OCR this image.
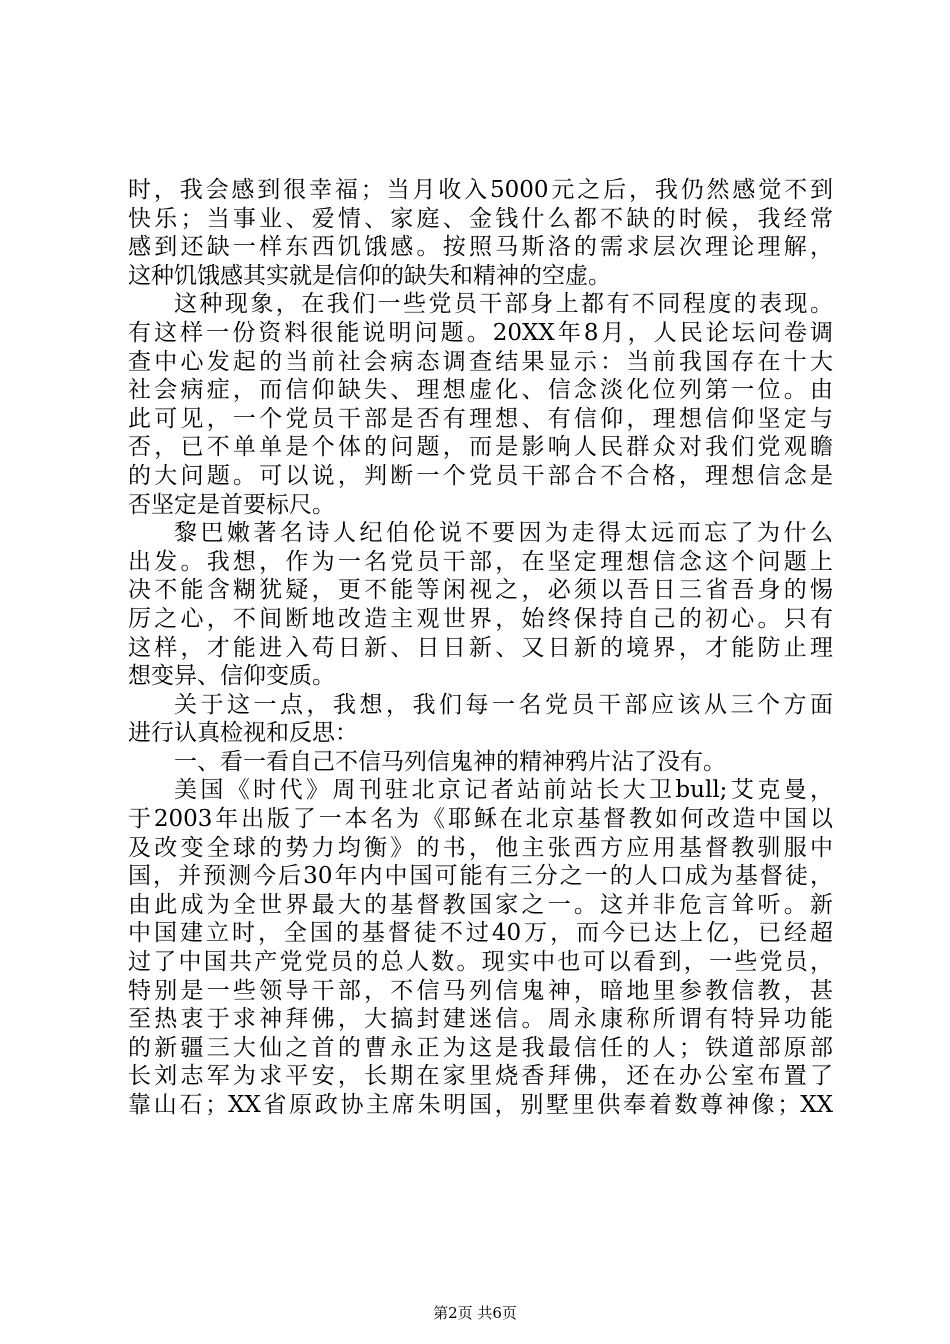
时，我会感到很幸福；当月收入5000元之后，我仍然感觉不到
快乐；当事业、爱情、家庭、金钱什么都不缺的时候，我经常
感到还缺一样东西饥饿感。按照马斯洛的需求层次理论理解，
这种饥饿感其实就是信仰的缺失和精神的空虚。
这种现象，在我们一些党员干部身上都有不同程度的表现。
有这样一份资料很能说明问题。20XX年8月，人民论坛问卷调
查中心发起的当前社会病态调查结果显示：当前我国存在十大
社会病症，而信仰缺失、理想虚化、信念淡化位列第一位。由
此可见，一个党员干部是否有理想、有信仰，理想信仰坚定与
否，已不单单是个体的问题，而是影响人民群众对我们党观瞻
的大问题。可以说，判断一个党员干部合不合格，理想信念是
否坚定是首要标尺。
黎巴嫩著名诗人纪伯伦说不要因为走得太远而忘了为什么
出发。我想，作为一名党员干部，在坚定理想信念这个问题上
决不能含糊犹疑，更不能等闲视之，必须以吾日三省吾身的惕
厉之心，不间断地改造主观世界，始终保持自己的初心。只有
这样，才能进入苟日新、日日新、又日新的境界，才能防止理
想变异、信仰变质。
关于这一点，我想，我们每一名党员干部应该从三个方面
进行认真检视和反思：
一、看一看自己不信马列信鬼神的精神鸦片沾了没有。
美国《时代》周刊驻北京记者站前站长大卫bull;艾克曼，
于2003年出版了一本名为《耶稣在北京基督教如何改造中国以
及改变全球的势力均衡》的书，他主张西方应用基督教驯服中
国，并预测今后30年内中国可能有三分之一的人口成为基督徒，
由此成为全世界最大的基督教国家之一。这并非危言耸听。新
中国建立时，全国的基督徒不过40万，而今已达上亿，已经超
过了中国共产党党员的总人数。现实中也可以看到，一些党员，
特别是一些领导干部，不信马列信鬼神，暗地里参教信教，甚
至热衷于求神拜佛，大搞封建迷信。周永康称所谓有特异功能
的新疆三大仙之首的曹永正为这是我最信任的人；铁道部原部
长刘志军为求平安，长期在家里烧香拜佛，还在办公室布置了
靠山石；XX省原政协主席朱明国，别墅里供奉着数尊神像；XX
第2页 共6页
